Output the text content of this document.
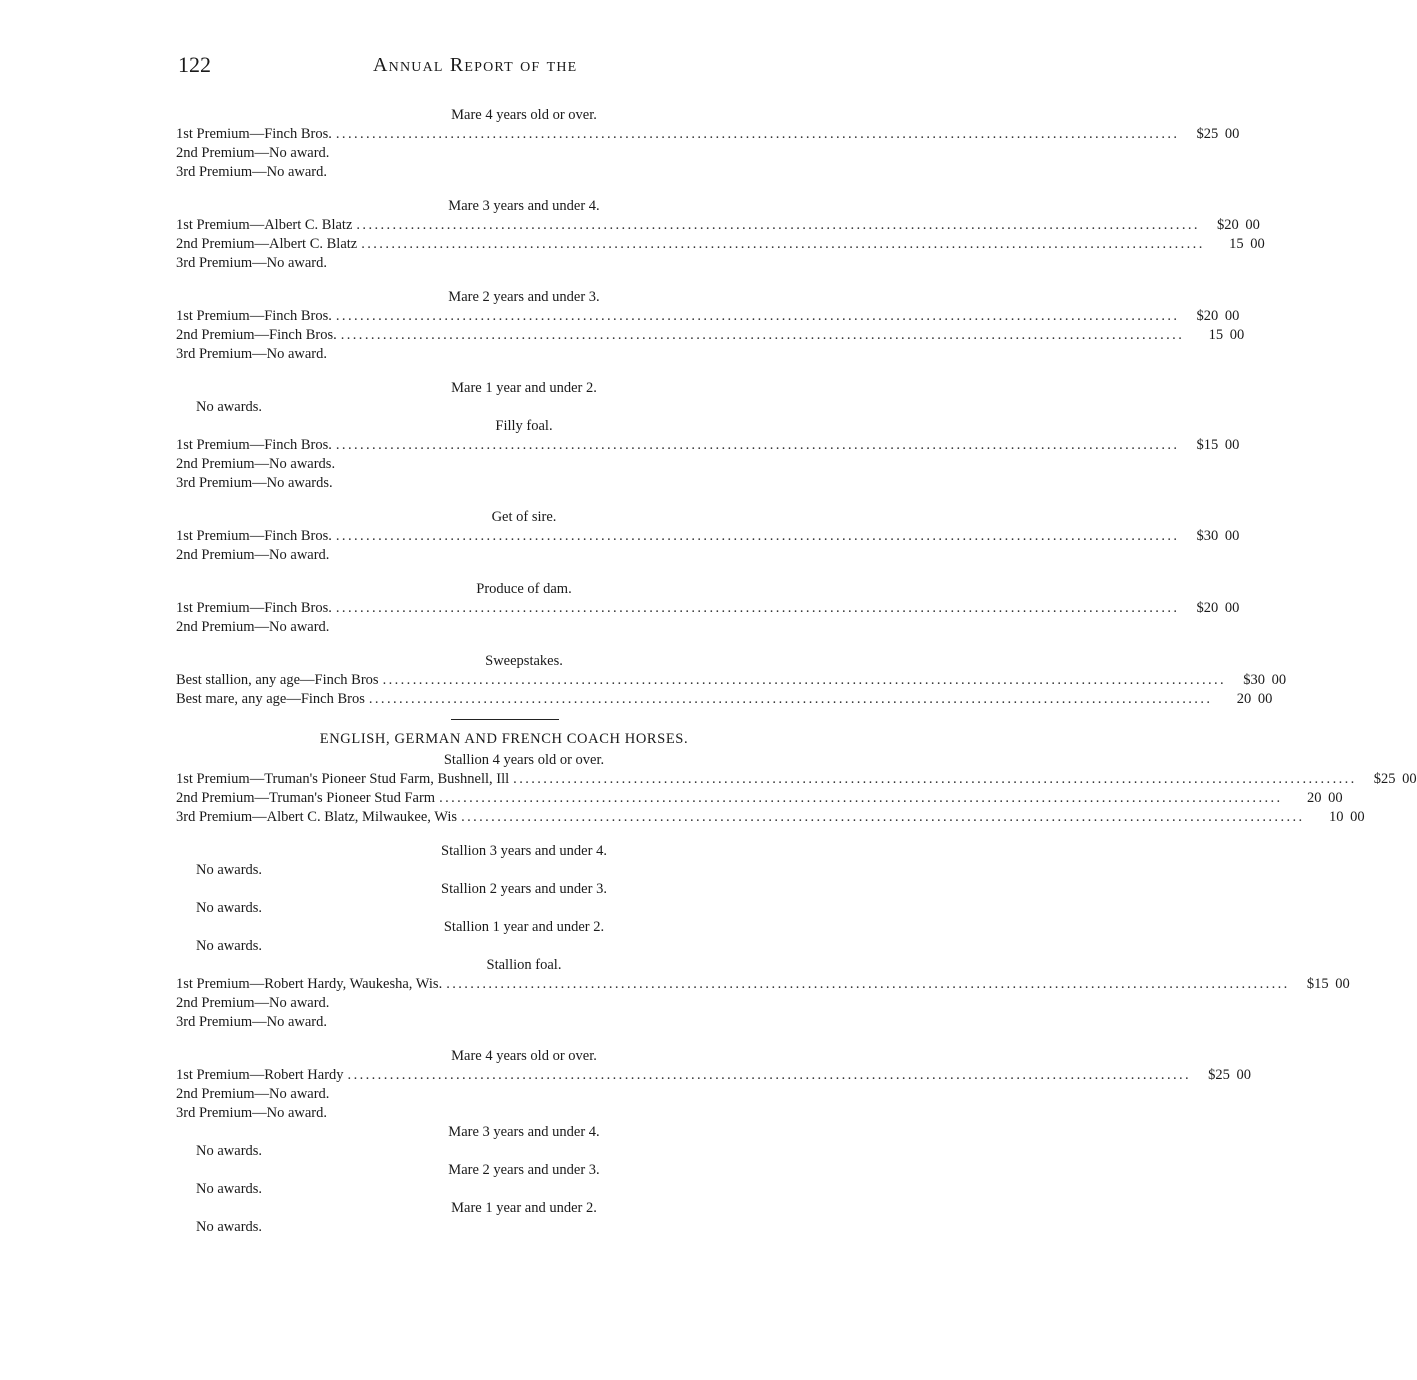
122	Annual Report of the
Mare 4 years old or over.
1st Premium—Finch Bros. ............................................................................................................................................	$25 00
2nd Premium—No award.
3rd Premium—No award.
Mare 3 years and under 4.
1st Premium—Albert C. Blatz ............................................................................................................................................	$20 00
2nd Premium—Albert C. Blatz ............................................................................................................................................	15 00
3rd Premium—No award.
Mare 2 years and under 3.
1st Premium—Finch Bros. ............................................................................................................................................	$20 00
2nd Premium—Finch Bros. ............................................................................................................................................	15 00
3rd Premium—No award.
Mare 1 year and under 2.
No awards.
Filly foal.
1st Premium—Finch Bros. ............................................................................................................................................	$15 00
2nd Premium—No awards.
3rd Premium—No awards.
Get of sire.
1st Premium—Finch Bros. ............................................................................................................................................	$30 00
2nd Premium—No award.
Produce of dam.
1st Premium—Finch Bros. ............................................................................................................................................	$20 00
2nd Premium—No award.
Sweepstakes.
Best stallion, any age—Finch Bros ............................................................................................................................................	$30 00
Best mare, any age—Finch Bros ............................................................................................................................................	20 00
ENGLISH, GERMAN AND FRENCH COACH HORSES.
Stallion 4 years old or over.
1st Premium—Truman's Pioneer Stud Farm, Bushnell, Ill ............................................................................................................................................	$25 00
2nd Premium—Truman's Pioneer Stud Farm ............................................................................................................................................	20 00
3rd Premium—Albert C. Blatz, Milwaukee, Wis ............................................................................................................................................	10 00
Stallion 3 years and under 4.
No awards.
Stallion 2 years and under 3.
No awards.
Stallion 1 year and under 2.
No awards.
Stallion foal.
1st Premium—Robert Hardy, Waukesha, Wis. ............................................................................................................................................	$15 00
2nd Premium—No award.
3rd Premium—No award.
Mare 4 years old or over.
1st Premium—Robert Hardy ............................................................................................................................................	$25 00
2nd Premium—No award.
3rd Premium—No award.
Mare 3 years and under 4.
No awards.
Mare 2 years and under 3.
No awards.
Mare 1 year and under 2.
No awards.
